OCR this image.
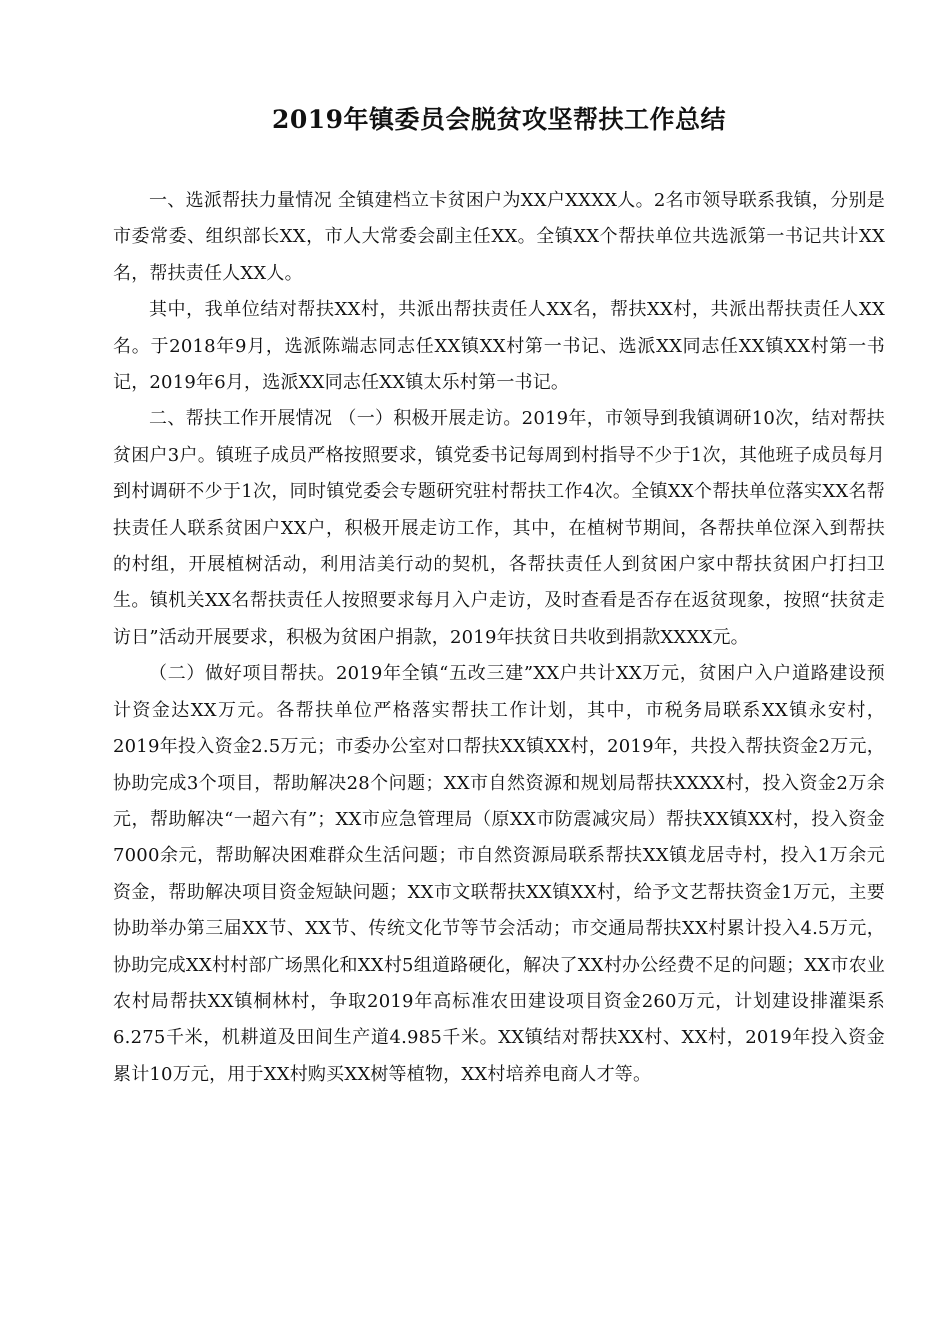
2019年镇委员会脱贫攻坚帮扶工作总结

一、选派帮扶力量情况 全镇建档立卡贫困户为XX户XXXX人。2名市领导联系我镇，分别是市委常委、组织部长XX，市人大常委会副主任XX。全镇XX个帮扶单位共选派第一书记共计XX名，帮扶责任人XX人。

其中，我单位结对帮扶XX村，共派出帮扶责任人XX名，帮扶XX村，共派出帮扶责任人XX名。于2018年9月，选派陈端志同志任XX镇XX村第一书记、选派XX同志任XX镇XX村第一书记，2019年6月，选派XX同志任XX镇太乐村第一书记。

二、帮扶工作开展情况 （一）积极开展走访。2019年，市领导到我镇调研10次，结对帮扶贫困户3户。镇班子成员严格按照要求，镇党委书记每周到村指导不少于1次，其他班子成员每月到村调研不少于1次，同时镇党委会专题研究驻村帮扶工作4次。全镇XX个帮扶单位落实XX名帮扶责任人联系贫困户XX户，积极开展走访工作，其中，在植树节期间，各帮扶单位深入到帮扶的村组，开展植树活动，利用洁美行动的契机，各帮扶责任人到贫困户家中帮扶贫困户打扫卫生。镇机关XX名帮扶责任人按照要求每月入户走访，及时查看是否存在返贫现象，按照“扶贫走访日”活动开展要求，积极为贫困户捐款，2019年扶贫日共收到捐款XXXX元。

（二）做好项目帮扶。2019年全镇“五改三建”XX户共计XX万元，贫困户入户道路建设预计资金达XX万元。各帮扶单位严格落实帮扶工作计划，其中，市税务局联系XX镇永安村，2019年投入资金2.5万元；市委办公室对口帮扶XX镇XX村，2019年，共投入帮扶资金2万元，协助完成3个项目，帮助解决28个问题；XX市自然资源和规划局帮扶XXXX村，投入资金2万余元，帮助解决“一超六有”；XX市应急管理局（原XX市防震减灾局）帮扶XX镇XX村，投入资金7000余元，帮助解决困难群众生活问题；市自然资源局联系帮扶XX镇龙居寺村，投入1万余元资金，帮助解决项目资金短缺问题；XX市文联帮扶XX镇XX村，给予文艺帮扶资金1万元，主要协助举办第三届XX节、XX节、传统文化节等节会活动；市交通局帮扶XX村累计投入4.5万元，协助完成XX村村部广场黑化和XX村5组道路硬化，解决了XX村办公经费不足的问题；XX市农业农村局帮扶XX镇桐林村，争取2019年高标准农田建设项目资金260万元，计划建设排灌渠系6.275千米，机耕道及田间生产道4.985千米。XX镇结对帮扶XX村、XX村，2019年投入资金累计10万元，用于XX村购买XX树等植物，XX村培养电商人才等。
